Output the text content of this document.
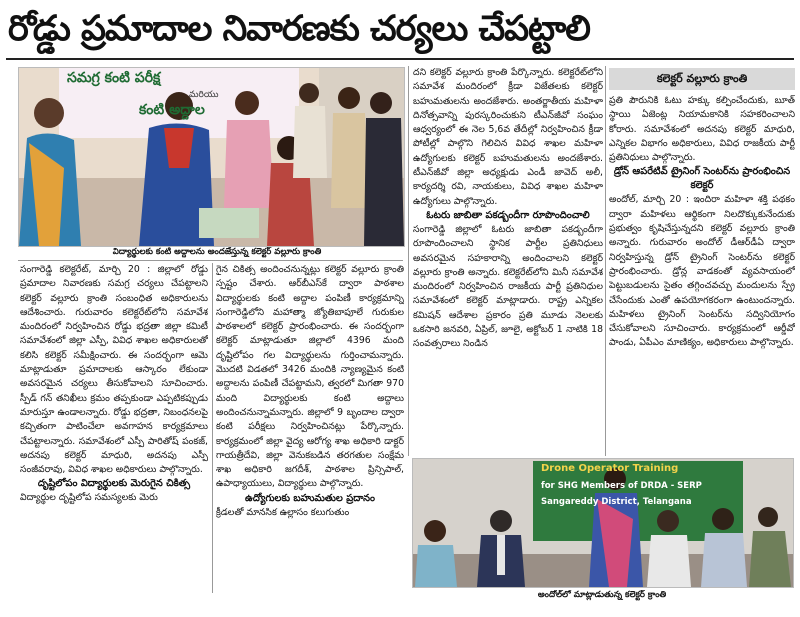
రోడ్డు ప్రమాదాల నివారణకు చర్యలు చేపట్టాలి
సమగ్ర కంటి పరీక్ష
మరియు
కంటి అద్దాల
విద్యార్థులకు కంటి అద్దాలను అందజేస్తున్న కలెక్టర్ వల్లూరు క్రాంతి

సంగారెడ్డి కలెక్టరేట్, మార్చి 20 : జిల్లాలో రోడ్డు ప్రమాదాల నివారణకు సమగ్ర చర్యలు చేపట్టాలని కలెక్టర్ వల్లూరు క్రాంతి సంబంధిత అధికారులను ఆదేశించారు. గురువారం కలెక్టరేట్‌లోని సమావేశ మందిరంలో నిర్వహించిన రోడ్డు భద్రతా జిల్లా కమిటీ సమావేశంలో జిల్లా ఎస్పీ, వివిధ శాఖల అధికారులతో కలిసి కలెక్టర్ సమీక్షించారు. ఈ సందర్భంగా ఆమె మాట్లాడుతూ ప్రమాదాలకు ఆస్కారం లేకుండా అవసరమైన చర్యలు తీసుకోవాలని సూచించారు. స్పీడ్ గన్ తనిఖీలు క్రమం తప్పకుండా ఎప్పటికప్పుడు మారుస్తూ ఉండాలన్నారు. రోడ్డు భద్రతా, నిబంధనలపై కచ్చితంగా పాటించేలా అవగాహన కార్యక్రమాలు చేపట్టాలన్నారు. సమావేశంలో ఎస్పీ పారితోష్ పంకజ్, అదనపు కలెక్టర్ మాధురి, అదనపు ఎస్పీ సంజీవరావు, వివిధ శాఖల అధికారులు పాల్గొన్నారు.

దృష్టిలోపం విద్యార్థులకు మెరుగైన చికిత్స

విద్యార్థుల దృష్టిలోప సమస్యలకు మెరు

గైన చికిత్స అందించనున్నట్లు కలెక్టర్ వల్లూరు క్రాంతి స్పష్టం చేశారు. ఆర్‌బీఎస్‌కే ద్వారా పాఠశాల విద్యార్థులకు కంటి అద్దాల పంపిణీ కార్యక్రమాన్ని సంగారెడ్డిలోని మహాత్మా జ్యోతిబాపూలే గురుకుల పాఠశాలలో కలెక్టర్ ప్రారంభించారు. ఈ సందర్భంగా కలెక్టర్ మాట్లాడుతూ జిల్లాలో 4396 మంది దృష్టిలోపం గల విద్యార్థులను గుర్తించామన్నారు. మొదటి విడతలో 3426 మందికి న్యాణ్యమైన కంటి అద్దాలను పంపిణీ చేపట్టామని, త్వరలో మిగతా 970 మంది విద్యార్థులకు కంటి అద్దాలు అందించనున్నామన్నారు. జిల్లాలో 9 బృందాల ద్వారా కంటి పరీక్షలు నిర్వహించినట్లు పేర్కొన్నారు. కార్యక్రమంలో జిల్లా వైద్య ఆరోగ్య శాఖ అధికారి డాక్టర్ గాయత్రీదేవి, జిల్లా వెనుకబడిన తరగతుల సంక్షేమ శాఖ అధికారి జగదీశ్, పాఠశాల ప్రిన్సిపాల్, ఉపాధ్యాయులు, విద్యార్థులు పాల్గొన్నారు.

ఉద్యోగులకు బహుమతుల ప్రదానం

క్రీడలతో మానసిక ఉల్లాసం కలుగుతుం

దని కలెక్టర్ వల్లూరు క్రాంతి పేర్కొన్నారు. కలెక్టరేట్‌లోని సమావేశ మందిరంలో క్రీడా విజేతలకు కలెక్టర్ బహుమతులను అందజేశారు. అంతర్జాతీయ మహిళా దినోత్సవాన్ని పురస్కరించుకుని టీఎన్‌జీవో సంఘం ఆధ్వర్యంలో ఈ నెల 5,6వ తేదీల్లో నిర్వహించిన క్రీడా పోటీల్లో పాల్గొని గెలిచిన వివిధ శాఖల మహిళా ఉద్యోగులకు కలెక్టర్ బహుమతులను అందజేశారు. టీఎన్‌జీవో జిల్లా అధ్యక్షుడు ఎండీ జావెద్ అలీ, కార్యదర్శి రవి, నాయకులు, వివిధ శాఖల మహిళా ఉద్యోగులు పాల్గొన్నారు.

ఓటరు జాబితా పకడ్బందీగా రూపొందించాలి

సంగారెడ్డి జిల్లాలో ఓటరు జాబితా పకడ్బందీగా రూపొందించాలని స్థానిక పార్టీల ప్రతినిధులు అవసరమైన సహకారాన్ని అందించాలని కలెక్టర్ వల్లూరు క్రాంతి అన్నారు. కలెక్టరేట్‌లోని మినీ సమావేశ మందిరంలో నిర్వహించిన రాజకీయ పార్టీ ప్రతినిధుల సమావేశంలో కలెక్టర్ మాట్లాడారు. రాష్ట్ర ఎన్నికల కమిషన్ ఆదేశాల ప్రకారం ప్రతి మూడు నెలలకు ఒకసారి జనవరి, ఏప్రిల్, జూలై, అక్టోబర్ 1 నాటికి 18 సంవత్సరాలు నిండిన

కలెక్టర్ వల్లూరు క్రాంతి

ప్రతి పౌరునికి ఓటు హక్కు కల్పించేందుకు, బూత్ స్థాయి ఏజెంట్ల నియామకానికి సహకరించాలని కోరారు. సమావేశంలో అదనపు కలెక్టర్ మాధురి, ఎన్నికల విభాగం అధికారులు, వివిధ రాజకీయ పార్టీ ప్రతినిధులు పాల్గొన్నారు.

డ్రోన్ ఆపరేటివ్ ట్రైనింగ్ సెంటర్‌ను ప్రారంభించిన కలెక్టర్

అందోల్, మార్చి 20 : ఇందిరా మహిళా శక్తి పథకం ద్వారా మహిళలు ఆర్థికంగా నిలదొక్కుకునేందుకు ప్రభుత్వం కృషిచేస్తున్నదని కలెక్టర్ వల్లూరు క్రాంతి అన్నారు. గురువారం అందోల్ డీఆర్‌డీఏ ద్వారా నిర్వహిస్తున్న డ్రోన్ ట్రైనింగ్ సెంటర్‌ను కలెక్టర్ ప్రారంభించారు. డ్రోన్ల వాడకంతో వ్యవసాయంలో పెట్టుబడులను సైతం తగ్గించవచ్చు మందులను స్ప్రే చేసేందుకు ఎంతో ఉపయోగకరంగా ఉంటుందన్నారు. మహిళలు ట్రైనింగ్ సెంటర్‌ను సద్వినియోగం చేసుకోవాలని సూచించారు. కార్యక్రమంలో ఆర్డీవో పాండు, ఏపీఎం మాణిక్యం, అధికారులు పాల్గొన్నారు.

Drone Operator Training
for SHG Members of DRDA - SERP
Sangareddy District, Telangana
అందోల్‌లో మాట్లాడుతున్న కలెక్టర్ క్రాంతి
